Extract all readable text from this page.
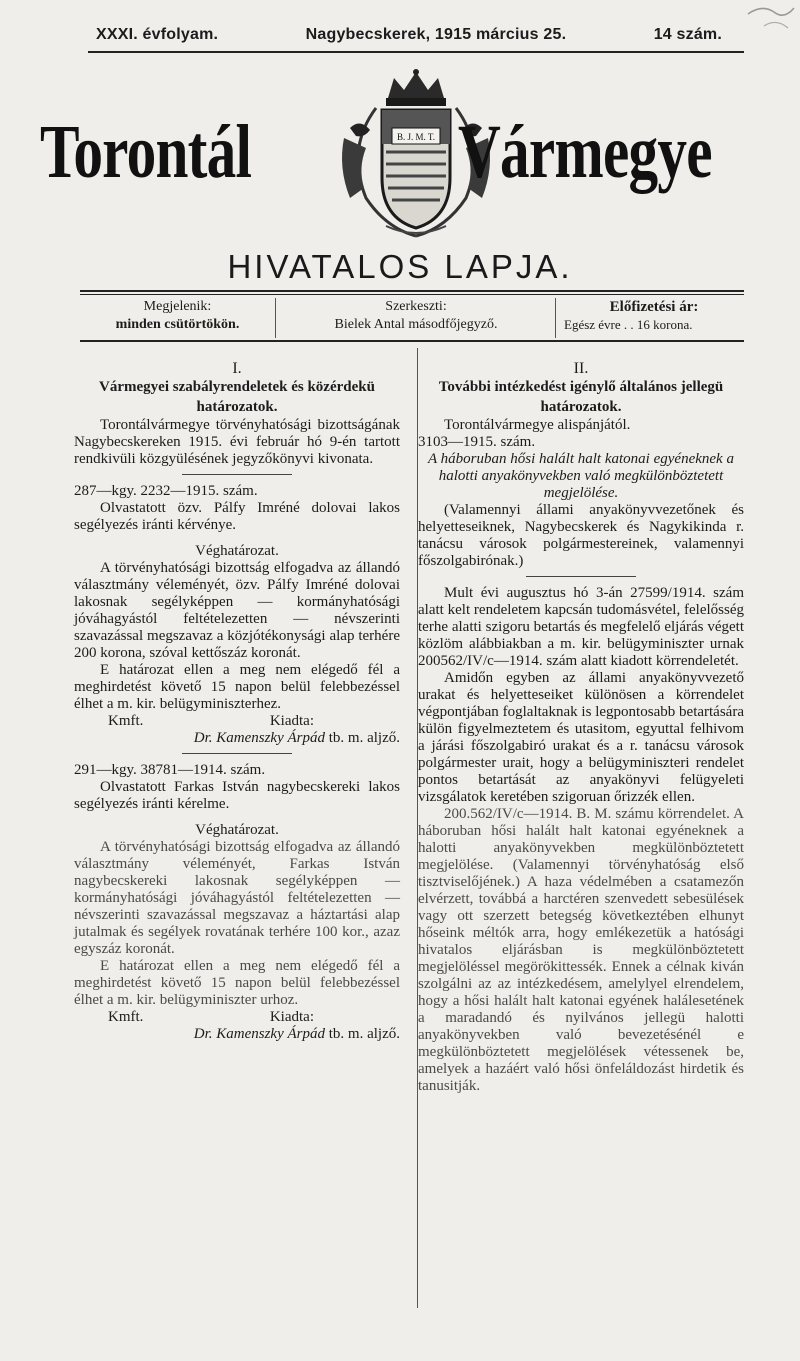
XXXI. évfolyam.	Nagybecskerek, 1915 március 25.	14 szám.
Torontál	B. J. M. T. Vármegye
HIVATALOS LAPJA.
Megjelenik:
minden csütörtökön.
Szerkeszti:
Bielek Antal másodfőjegyző.
Előfizetési ár:
Egész évre . . 16 korona.

I.

Vármegyei szabályrendeletek és közérdekü határozatok.

Torontálvármegye törvényhatósági bizottságának Nagybecskereken 1915. évi február hó 9-én tartott rendkivüli közgyülésének jegyzőkönyvi kivonata.

287—kgy. 2232—1915. szám.

Olvastatott özv. Pálfy Imréné dolovai lakos segélyezés iránti kérvénye.

Véghatározat.

A törvényhatósági bizottság elfogadva az állandó választmány véleményét, özv. Pálfy Imréné dolovai lakosnak segélyképpen — kormányhatósági jóváhagyástól feltételezetten — névszerinti szavazással megszavaz a közjótékonysági alap terhére 200 korona, szóval kettőszáz koronát.

E határozat ellen a meg nem elégedő fél a meghirdetést követő 15 napon belül felebbezéssel élhet a m. kir. belügyminiszterhez.

Kmft.	Kiadta:

Dr. Kamenszky Árpád tb. m. aljző.

291—kgy. 38781—1914. szám.

Olvastatott Farkas István nagybecskereki lakos segélyezés iránti kérelme.

Véghatározat.

A törvényhatósági bizottság elfogadva az állandó választmány véleményét, Farkas István nagybecskereki lakosnak segélyképpen — kormányhatósági jóváhagyástól feltételezetten — névszerinti szavazással megszavaz a háztartási alap jutalmak és segélyek rovatának terhére 100 kor., azaz egyszáz koronát.

E határozat ellen a meg nem elégedő fél a meghirdetést követő 15 napon belül felebbezéssel élhet a m. kir. belügyminiszter urhoz.

Kmft.	Kiadta:

Dr. Kamenszky Árpád tb. m. aljző.

II.

További intézkedést igénylő általános jellegü határozatok.

Torontálvármegye alispánjától.

3103—1915. szám.

A háboruban hősi halált halt katonai egyéneknek a halotti anyakönyvekben való megkülönböztetett megjelölése.

(Valamennyi állami anyakönyvvezetőnek és helyetteseiknek, Nagybecskerek és Nagykikinda r. tanácsu városok polgármestereinek, valamennyi főszolgabirónak.)

Mult évi augusztus hó 3-án 27599/1914. szám alatt kelt rendeletem kapcsán tudomásvétel, felelősség terhe alatti szigoru betartás és megfelelő eljárás végett közlöm alábbiakban a m. kir. belügyminiszter urnak 200562/IV/c—1914. szám alatt kiadott körrendeletét.

Amidőn egyben az állami anyakönyvvezető urakat és helyetteseiket különösen a körrendelet végpontjában foglaltaknak is legpontosabb betartására külön figyelmeztetem és utasitom, egyuttal felhivom a járási főszolgabiró urakat és a r. tanácsu városok polgármester urait, hogy a belügyminiszteri rendelet pontos betartását az anyakönyvi felügyeleti vizsgálatok keretében szigoruan őrizzék ellen.

200.562/IV/c—1914. B. M. számu körrendelet. A háboruban hősi halált halt katonai egyéneknek a halotti anyakönyvekben megkülönböztetett megjelölése. (Valamennyi törvényhatóság első tisztviselőjének.) A haza védelmében a csatamezőn elvérzett, továbbá a harctéren szenvedett sebesülések vagy ott szerzett betegség következtében elhunyt hőseink méltók arra, hogy emlékezetük a hatósági hivatalos eljárásban is megkülönböztetett megjelöléssel megörökittessék. Ennek a célnak kiván szolgálni az az intézkedésem, amelylyel elrendelem, hogy a hősi halált halt katonai egyének halálesetének a maradandó és nyilvános jellegü halotti anyakönyvekben való bevezetésénél e megkülönböztetett megjelölések vétessenek be, amelyek a hazáért való hősi önfeláldozást hirdetik és tanusitják.
